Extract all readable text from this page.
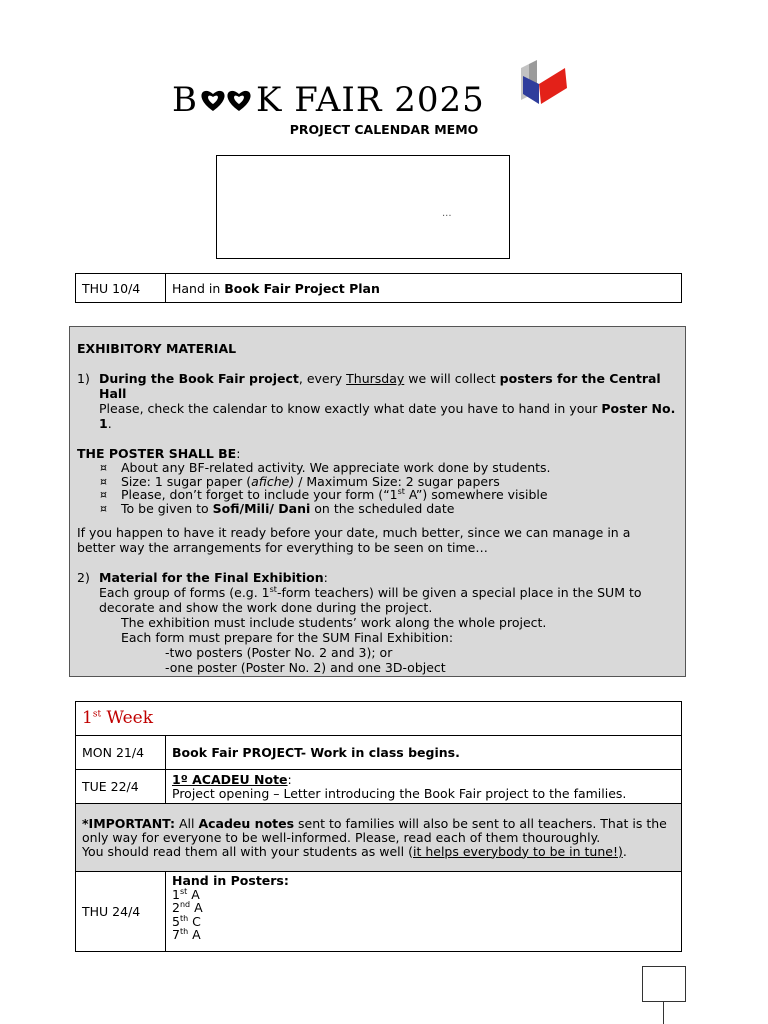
B K FAIR 2025
PROJECT CALENDAR MEMO
...
THU 10/4	Hand in Book Fair Project Plan

EXHIBITORY MATERIAL

1) During the Book Fair project, every Thursday we will collect posters for the Central Hall

Please, check the calendar to know exactly what date you have to hand in your Poster No. 1.

THE POSTER SHALL BE:

¤ About any BF-related activity. We appreciate work done by students.
¤ Size: 1 sugar paper (afiche) / Maximum Size: 2 sugar papers
¤ Please, don’t forget to include your form (“1st A”) somewhere visible
¤ To be given to Sofi/Mili/ Dani on the scheduled date

If you happen to have it ready before your date, much better, since we can manage in a better way the arrangements for everything to be seen on time…

2) Material for the Final Exhibition:

Each group of forms (e.g. 1st-form teachers) will be given a special place in the SUM to

decorate and show the work done during the project.

The exhibition must include students’ work along the whole project.

Each form must prepare for the SUM Final Exhibition:

-two posters (Poster No. 2 and 3); or

-one poster (Poster No. 2) and one 3D-object

1st Week	
MON 21/4	Book Fair PROJECT- Work in class begins.
TUE 22/4	1º ACADEU Note:
Project opening – Letter introducing the Book Fair project to the families.

*IMPORTANT: All Acadeu notes sent to families will also be sent to all teachers. That is the only way for everyone to be well-informed. Please, read each of them thouroughly.
You should read them all with your students as well (it helps everybody to be in tune!).	
THU 24/4	Hand in Posters:
1st A
2nd A
5th C
7th A
